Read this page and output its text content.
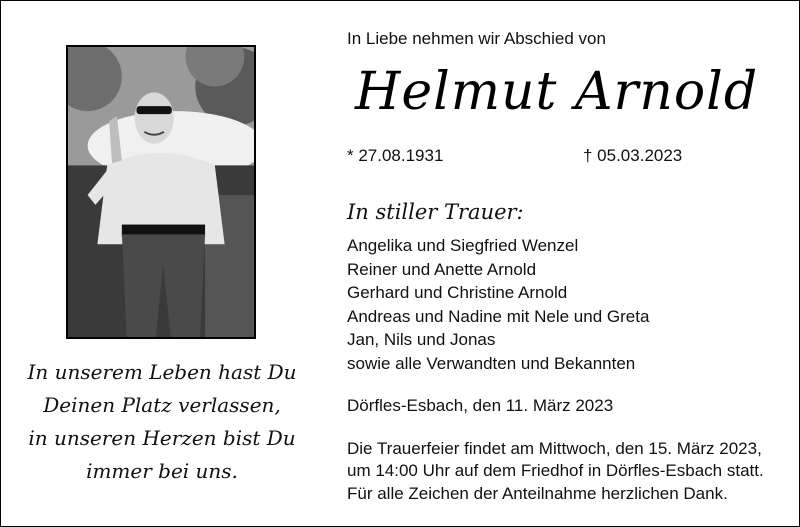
In Liebe nehmen wir Abschied von
Helmut Arnold
* 27.08.1931	† 05.03.2023
In stiller Trauer:
Angelika und Siegfried Wenzel
Reiner und Anette Arnold
Gerhard und Christine Arnold
Andreas und Nadine mit Nele und Greta
Jan, Nils und Jonas
sowie alle Verwandten und Bekannten
Dörfles-Esbach, den 11. März 2023
Die Trauerfeier findet am Mittwoch, den 15. März 2023,
um 14:00 Uhr auf dem Friedhof in Dörfles-Esbach statt.
Für alle Zeichen der Anteilnahme herzlichen Dank.
In unserem Leben hast Du
Deinen Platz verlassen,
in unseren Herzen bist Du
immer bei uns.
